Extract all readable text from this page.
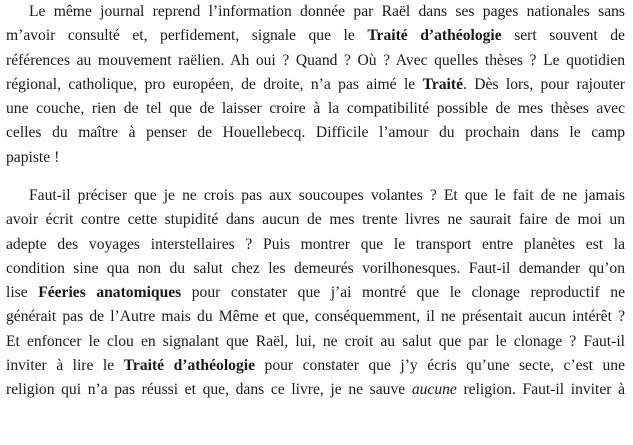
Le même journal reprend l’information donnée par Raël dans ses pages nationales sans
m’avoir consulté et, perfidement, signale que le Traité d’athéologie sert souvent de
références au mouvement raëlien. Ah oui ? Quand ? Où ? Avec quelles thèses ? Le quotidien
régional, catholique, pro européen, de droite, n’a pas aimé le Traité. Dès lors, pour rajouter
une couche, rien de tel que de laisser croire à la compatibilité possible de mes thèses avec
celles du maître à penser de Houellebecq. Difficile l’amour du prochain dans le camp
papiste !
Faut-il préciser que je ne crois pas aux soucoupes volantes ? Et que le fait de ne jamais
avoir écrit contre cette stupidité dans aucun de mes trente livres ne saurait faire de moi un
adepte des voyages interstellaires ? Puis montrer que le transport entre planètes est la
condition sine qua non du salut chez les demeurés vorilhonesques. Faut-il demander qu’on
lise Féeries anatomiques pour constater que j’ai montré que le clonage reproductif ne
générait pas de l’Autre mais du Même et que, conséquemment, il ne présentait aucun intérêt ?
Et enfoncer le clou en signalant que Raël, lui, ne croit au salut que par le clonage ? Faut-il
inviter à lire le Traité d’athéologie pour constater que j’y écris qu’une secte, c’est une
religion qui n’a pas réussi et que, dans ce livre, je ne sauve aucune religion. Faut-il inviter à
